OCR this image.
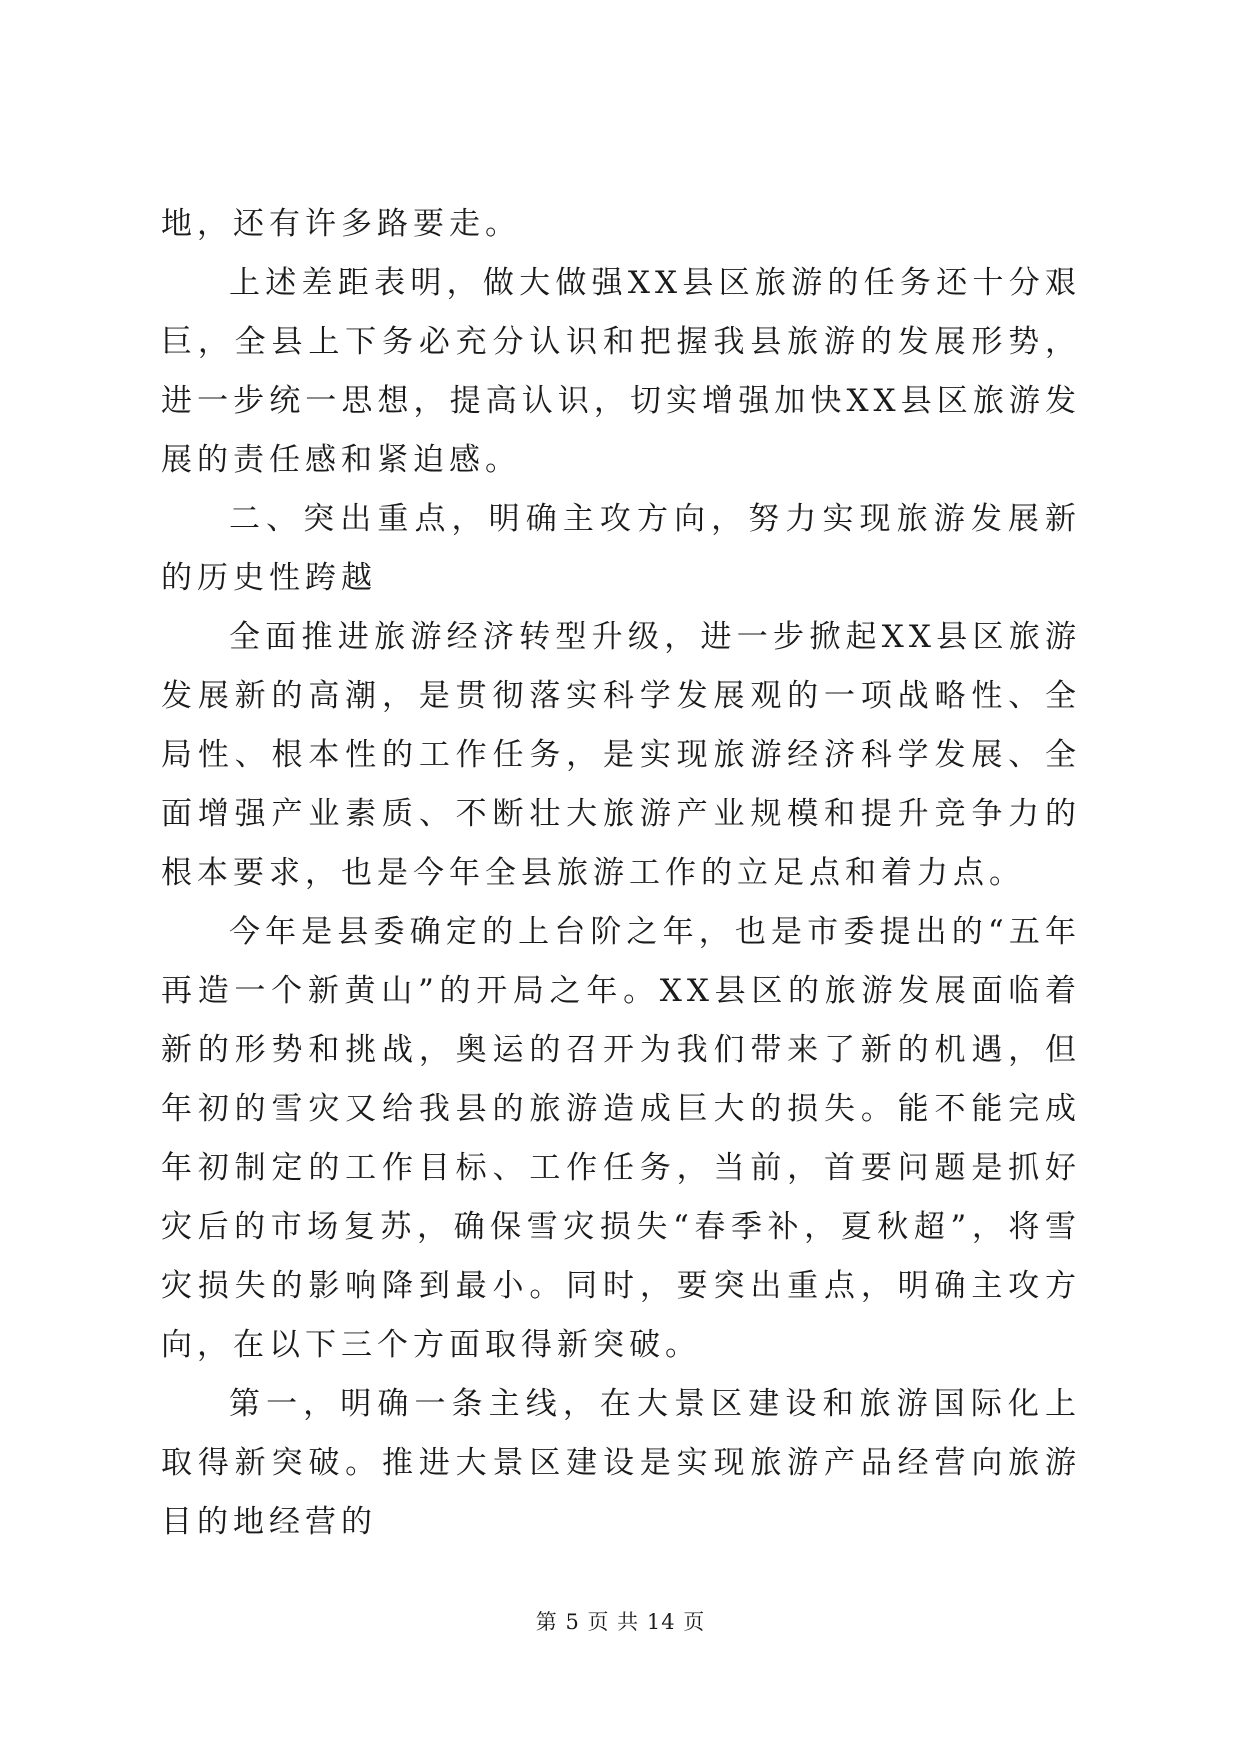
地，还有许多路要走。

上述差距表明，做大做强XX县区旅游的任务还十分艰巨，全县上下务必充分认识和把握我县旅游的发展形势，进一步统一思想，提高认识，切实增强加快XX县区旅游发展的责任感和紧迫感。

二、突出重点，明确主攻方向，努力实现旅游发展新的历史性跨越

全面推进旅游经济转型升级，进一步掀起XX县区旅游发展新的高潮，是贯彻落实科学发展观的一项战略性、全局性、根本性的工作任务，是实现旅游经济科学发展、全面增强产业素质、不断壮大旅游产业规模和提升竞争力的根本要求，也是今年全县旅游工作的立足点和着力点。

今年是县委确定的上台阶之年，也是市委提出的“五年再造一个新黄山”的开局之年。XX县区的旅游发展面临着新的形势和挑战，奥运的召开为我们带来了新的机遇，但年初的雪灾又给我县的旅游造成巨大的损失。能不能完成年初制定的工作目标、工作任务，当前，首要问题是抓好灾后的市场复苏，确保雪灾损失“春季补，夏秋超”，将雪灾损失的影响降到最小。同时，要突出重点，明确主攻方向，在以下三个方面取得新突破。

第一，明确一条主线，在大景区建设和旅游国际化上取得新突破。推进大景区建设是实现旅游产品经营向旅游目的地经营的

第 5 页 共 14 页
